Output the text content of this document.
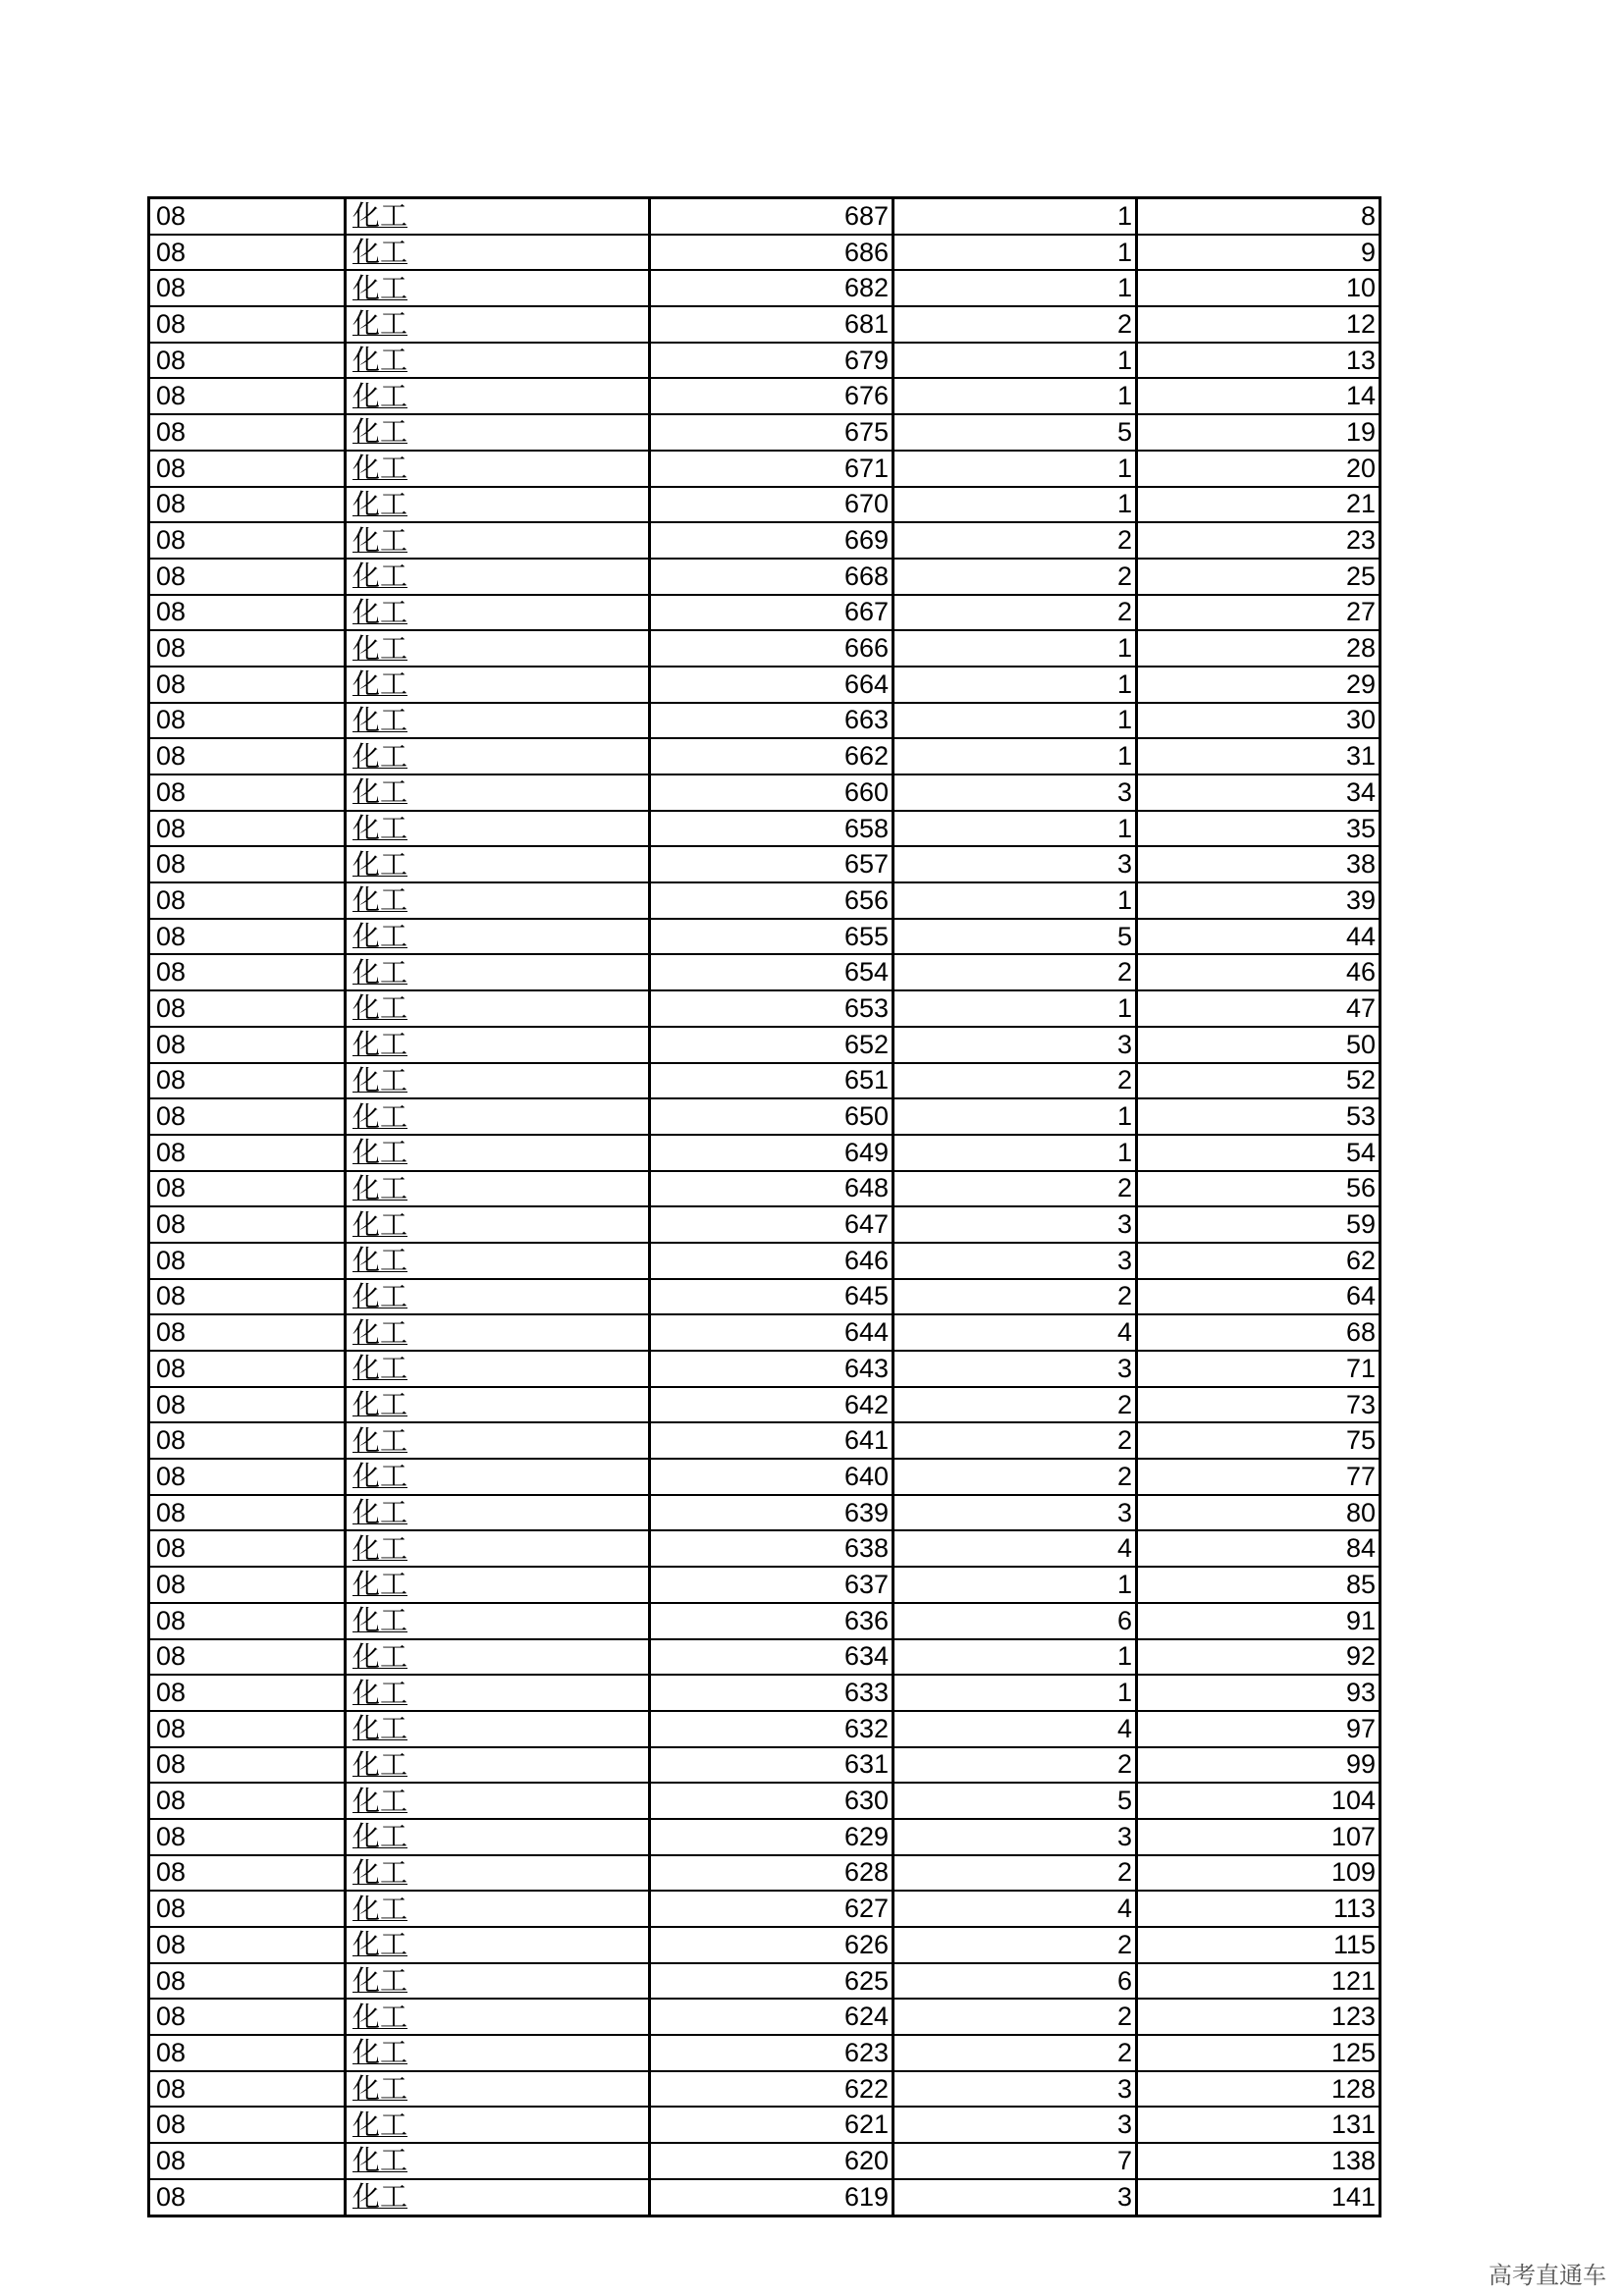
08	化工	687	1	8
08	化工	686	1	9
08	化工	682	1	10
08	化工	681	2	12
08	化工	679	1	13
08	化工	676	1	14
08	化工	675	5	19
08	化工	671	1	20
08	化工	670	1	21
08	化工	669	2	23
08	化工	668	2	25
08	化工	667	2	27
08	化工	666	1	28
08	化工	664	1	29
08	化工	663	1	30
08	化工	662	1	31
08	化工	660	3	34
08	化工	658	1	35
08	化工	657	3	38
08	化工	656	1	39
08	化工	655	5	44
08	化工	654	2	46
08	化工	653	1	47
08	化工	652	3	50
08	化工	651	2	52
08	化工	650	1	53
08	化工	649	1	54
08	化工	648	2	56
08	化工	647	3	59
08	化工	646	3	62
08	化工	645	2	64
08	化工	644	4	68
08	化工	643	3	71
08	化工	642	2	73
08	化工	641	2	75
08	化工	640	2	77
08	化工	639	3	80
08	化工	638	4	84
08	化工	637	1	85
08	化工	636	6	91
08	化工	634	1	92
08	化工	633	1	93
08	化工	632	4	97
08	化工	631	2	99
08	化工	630	5	104
08	化工	629	3	107
08	化工	628	2	109
08	化工	627	4	113
08	化工	626	2	115
08	化工	625	6	121
08	化工	624	2	123
08	化工	623	2	125
08	化工	622	3	128
08	化工	621	3	131
08	化工	620	7	138
08	化工	619	3	141
高考直通车
